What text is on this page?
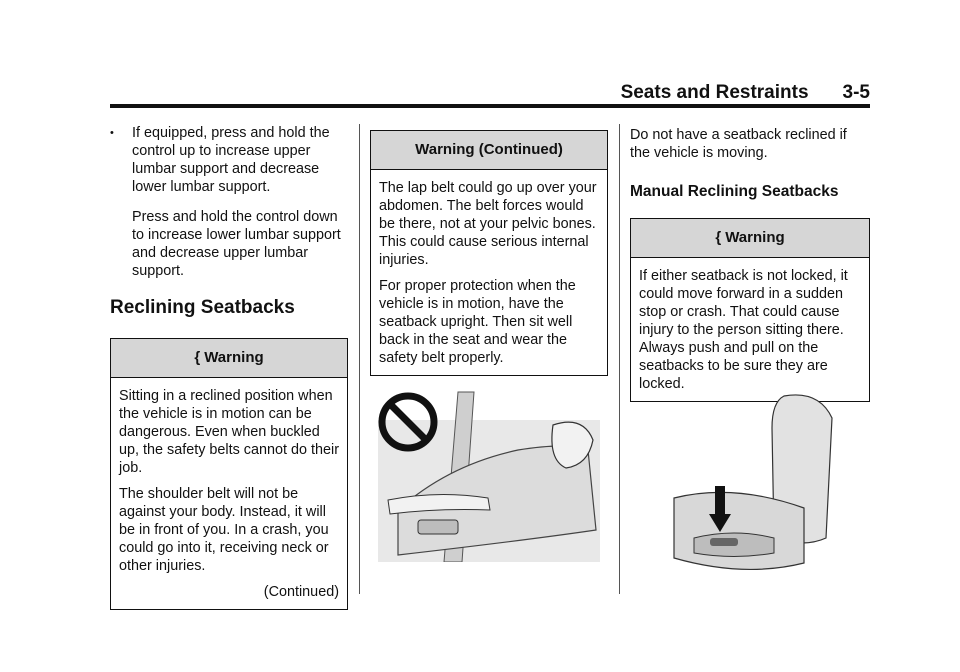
Seats and Restraints 3-5
•	If equipped, press and hold the control up to increase upper lumbar support and decrease lower lumbar support.

Press and hold the control down to increase lower lumbar support and decrease upper lumbar support.

Reclining Seatbacks
{ Warning

Sitting in a reclined position when the vehicle is in motion can be dangerous. Even when buckled up, the safety belts cannot do their job.

The shoulder belt will not be against your body. Instead, it will be in front of you. In a crash, you could go into it, receiving neck or other injuries.

(Continued)

Warning (Continued)

The lap belt could go up over your abdomen. The belt forces would be there, not at your pelvic bones. This could cause serious internal injuries.

For proper protection when the vehicle is in motion, have the seatback upright. Then sit well back in the seat and wear the safety belt properly.

Do not have a seatback reclined if the vehicle is moving.

Manual Reclining Seatbacks
{ Warning

If either seatback is not locked, it could move forward in a sudden stop or crash. That could cause injury to the person sitting there. Always push and pull on the seatbacks to be sure they are locked.
